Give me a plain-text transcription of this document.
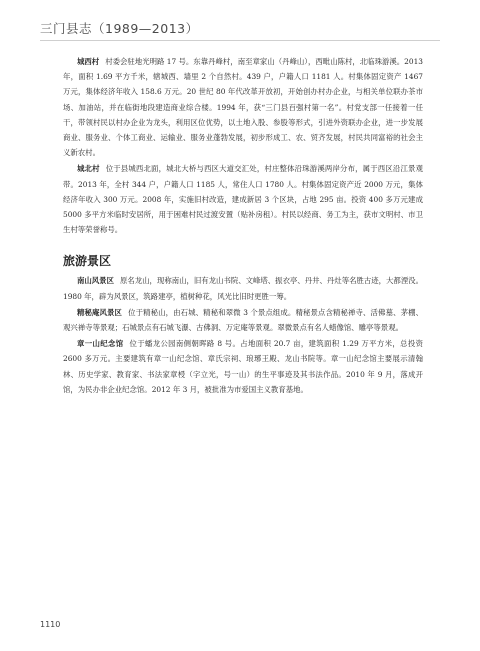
三门县志（1989—2013）

城西村 村委会驻地光明路 17 号。东靠丹峰村，南至章家山（丹峰山），西毗山陈村，北临珠游溪。2013 年，面积 1.69 平方千米，辖城西、墙里 2 个自然村。439 户，户籍人口 1181 人。村集体固定资产 1467 万元，集体经济年收入 158.6 万元。20 世纪 80 年代改革开放初，开始创办村办企业，与相关单位联办茶市场、加油站，并在临街地段建造商业综合楼。1994 年，获“三门县百强村第一名”。村党支部一任接着一任干，带领村民以村办企业为龙头，利用区位优势，以土地入股、参股等形式，引进外资联办企业，进一步发展商业、服务业、个体工商业、运输业、服务业蓬勃发展，初步形成工、农、贸齐发展，村民共同富裕的社会主义新农村。

城北村 位于县城西北面，城北大桥与西区大道交汇处，村庄整体沿珠游溪两岸分布，属于西区沿江景观带。2013 年，全村 344 户，户籍人口 1185 人，常住人口 1780 人。村集体固定资产近 2000 万元，集体经济年收入 300 万元。2008 年，实施旧村改造，建成新居 3 个区块，占地 295 亩。投资 400 多万元建成 5000 多平方米临时安居所，用于困难村民过渡安置（贴补房租）。村民以经商、务工为主，获市文明村、市卫生村等荣誉称号。

旅游景区

南山风景区 原名龙山，现称南山，旧有龙山书院、文峰塔、振衣亭、丹井、丹灶等名胜古迹，大都湮没。1980 年，辟为风景区，筑路建亭，植树种花，风光比旧时更胜一筹。

精秘庵风景区 位于精秘山，由石城、精秘和翠微 3 个景点组成。精秘景点含精秘禅寺、活佛墓、茅棚、观兴禅寺等景观；石城景点有石城飞瀑、古佛洞、万定庵等景观。翠微景点有名人蜡像馆、雕亭等景观。

章一山纪念馆 位于蟠龙公园南侧朝晖路 8 号。占地面积 20.7 亩，建筑面积 1.29 万平方米，总投资 2600 多万元。主要建筑有章一山纪念馆、章氏宗祠、琅琊王殿、龙山书院等。章一山纪念馆主要展示清翰林、历史学家、教育家、书法家章梫（字立光，号一山）的生平事迹及其书法作品。2010 年 9 月，落成开馆，为民办非企业纪念馆。2012 年 3 月，被批准为市爱国主义教育基地。

1110
